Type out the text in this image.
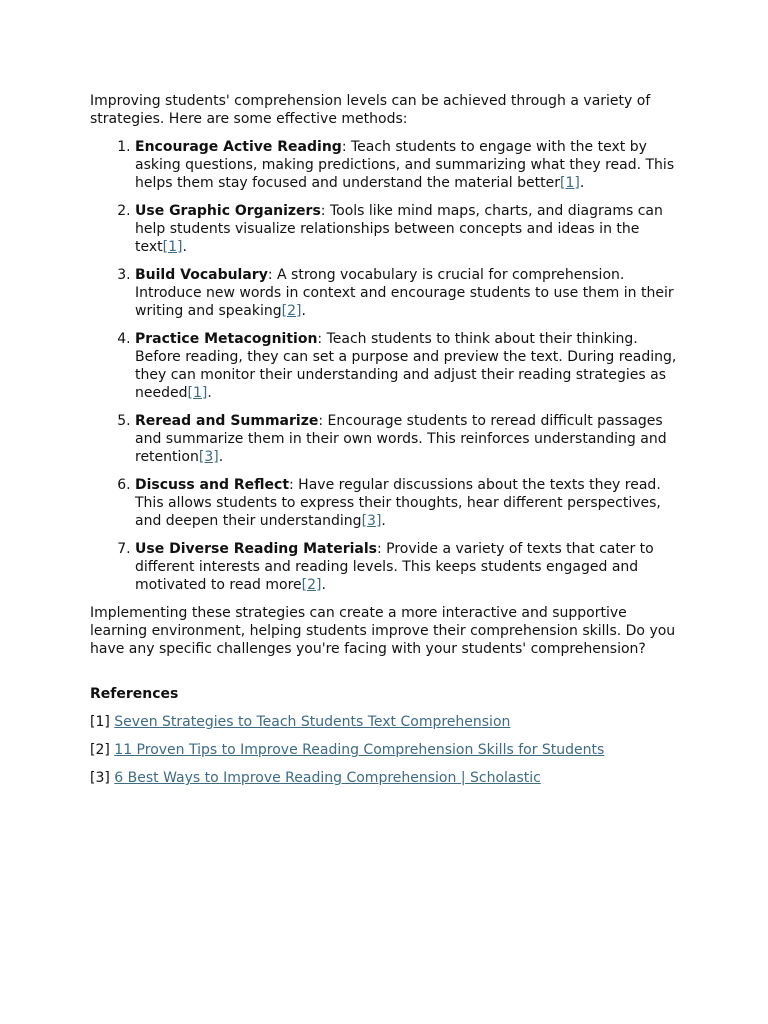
Improving students' comprehension levels can be achieved through a variety of strategies. Here are some effective methods:

1. Encourage Active Reading: Teach students to engage with the text by asking questions, making predictions, and summarizing what they read. This helps them stay focused and understand the material better[1].
2. Use Graphic Organizers: Tools like mind maps, charts, and diagrams can help students visualize relationships between concepts and ideas in the text[1].
3. Build Vocabulary: A strong vocabulary is crucial for comprehension. Introduce new words in context and encourage students to use them in their writing and speaking[2].
4. Practice Metacognition: Teach students to think about their thinking. Before reading, they can set a purpose and preview the text. During reading, they can monitor their understanding and adjust their reading strategies as needed[1].
5. Reread and Summarize: Encourage students to reread difficult passages and summarize them in their own words. This reinforces understanding and retention[3].
6. Discuss and Reflect: Have regular discussions about the texts they read. This allows students to express their thoughts, hear different perspectives, and deepen their understanding[3].
7. Use Diverse Reading Materials: Provide a variety of texts that cater to different interests and reading levels. This keeps students engaged and motivated to read more[2].

Implementing these strategies can create a more interactive and supportive learning environment, helping students improve their comprehension skills. Do you have any specific challenges you're facing with your students' comprehension?

References

[1] Seven Strategies to Teach Students Text Comprehension

[2] 11 Proven Tips to Improve Reading Comprehension Skills for Students

[3] 6 Best Ways to Improve Reading Comprehension | Scholastic
